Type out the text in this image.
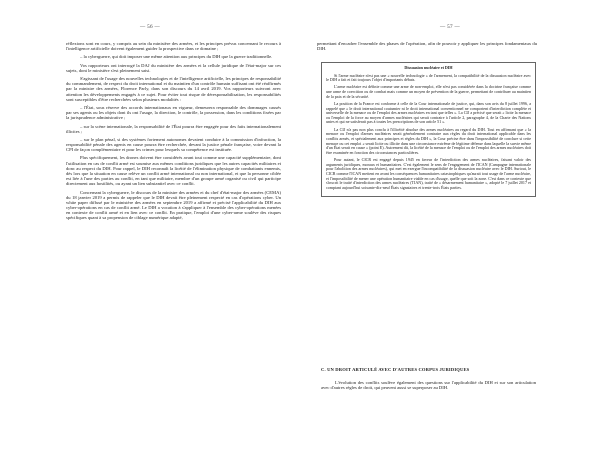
— 56 —

réflexions sont en cours, y compris au sein du ministère des armées, et les principes prévus concernant le recours à l'intelligence artificielle doivent également guider la prospective dans ce domaine ;

– la cyberguerre, qui doit imposer une même attention aux principes du DIH que la guerre traditionnelle.

Vos rapporteurs ont interrogé la DAJ du ministère des armées et la cellule juridique de l'état-major sur ces sujets, dont le ministère s'est pleinement saisi.

S'agissant de l'usage des nouvelles technologies et de l'intelligence artificielle, les principes de responsabilité du commandement, de respect du droit international et du maintien d'un contrôle humain suffisant ont été réaffirmés par la ministre des armées, Florence Parly, dans son discours du 14 avril 2019. Vos rapporteurs suivront avec attention les développements engagés à ce sujet. Pour éviter tout risque de déresponsabilisation, les responsabilités sont susceptibles d'être recherchées selon plusieurs modalités :

– l'État, sous réserve des accords internationaux en vigueur, demeurera responsable des dommages causés par ses agents ou les objets dont ils ont l'usage, la direction, le contrôle, la possession, dans les conditions fixées par la jurisprudence administrative ;

– sur la scène internationale, la responsabilité de l'État pourra être engagée pour des faits internationalement illicites ;

– sur le plan pénal, si des systèmes fortement autonomes devaient conduire à la commission d'infraction, la responsabilité pénale des agents en cause pourra être recherchée, devant la justice pénale française, voire devant la CPI de façon complémentaire et pour les crimes pour lesquels sa compétence est instituée.

Plus spécifiquement, les drones doivent être considérés avant tout comme une capacité supplémentaire, dont l'utilisation en cas de conflit armé est soumise aux mêmes conditions juridiques que les autres capacités militaires et donc au respect du DIH. Pour rappel, le DIH reconnaît la licéité de l'élimination physique de combattants ennemis, dès lors que la situation en cause relève un conflit armé international ou non international, et que la personne ciblée est liée à l'une des parties au conflit, en tant que militaire, membre d'un groupe armé organisé ou civil qui participe directement aux hostilités, ou ayant un lien substantiel avec ce conflit.

Concernant la cyberguerre, le discours de la ministre des armées et du chef d'état-major des armées (CEMA) du 18 janvier 2019 a permis de rappeler que le DIH devait être pleinement respecté en cas d'opérations cyber. Un white paper diffusé par le ministère des armées en septembre 2019 a affirmé et précisé l'applicabilité du DIH aux cyber-opérations en cas de conflit armé. Le DIH a vocation à s'appliquer à l'ensemble des cyber-opérations menées en contexte de conflit armé et en lien avec ce conflit. En pratique, l'emploi d'une cyber-arme soulève des risques spécifiques quant à sa propension de ciblage numérique adapté,

— 57 —

permettant d'encadrer l'ensemble des phases de l'opération, afin de pouvoir y appliquer les principes fondamentaux du DIH.

Dissuasion nucléaire et DIH

Si l'arme nucléaire n'est pas une « nouvelle technologie » de l'armement, la compatibilité de la dissuasion nucléaire avec le DIH a fait et fait toujours l'objet d'importants débats.

L'arme nucléaire est définie comme une arme de non-emploi, elle n'est pas considérée dans la doctrine française comme une arme de coercition ou de combat mais comme un moyen de prévention de la guerre, permettant de contribuer au maintien de la paix et de la sécurité.

La position de la France est conforme à celle de la Cour internationale de justice, qui, dans son avis du 8 juillet 1996, a rappelé que « le droit international coutumier ni le droit international conventionnel ne comportent d'interdiction complète et universelle de la menace ou de l'emploi des armes nucléaires en tant que telles ». La CIJ a précisé que serait « licite la menace ou l'emploi de la force au moyen d'armes nucléaires qui serait contraire à l'article 2, paragraphe 4, de la Charte des Nations unies et qui ne satisferait pas à toutes les prescriptions de son article 51 ».

La CIJ n'a pas non plus conclu à l'illicéité absolue des armes nucléaires au regard du DIH. Tout en affirmant que « la menace ou l'emploi d'armes nucléaires serait généralement contraire aux règles du droit international applicable dans les conflits armés, et spécialement aux principes et règles du DIH », la Cour précise être dans l'impossibilité de conclure si cette menace ou cet emploi « serait licite ou illicite dans une circonstance extrême de légitime défense dans laquelle la survie même d'un État serait en cause » (point E). Autrement dit, la licéité de la menace de l'emploi ou de l'emploi des armes nucléaires doit être examinée en fonction des circonstances particulières.

Pour autant, le CICR est engagé depuis 1945 en faveur de l'interdiction des armes nucléaires, faisant valoir des arguments juridiques, moraux et humanitaires. C'est également le sens de l'engagement de l'ICAN (Campagne internationale pour l'abolition des armes nucléaires), qui met en exergue l'incompatibilité de la dissuasion nucléaire avec le DIH. Surtout, le CICR comme l'ICAN mettent en avant les conséquences humanitaires catastrophiques qu'aurait tout usage de l'arme nucléaire, et l'impossibilité de mener une opération humanitaire viable en cas d'usage, quelle que soit la zone. C'est dans ce contexte que s'inscrit le traité d'interdiction des armes nucléaires (TIAN), traité de « désarmement humanitaire », adopté le 7 juillet 2017 et comptant aujourd'hui soixante-dix-neuf États signataires et trente-trois États parties.

C. UN DROIT ARTICULÉ AVEC D'AUTRES CORPUS JURIDIQUES

L'évolution des conflits soulève également des questions sur l'applicabilité du DIH et sur son articulation avec d'autres règles de droit, qui peuvent aussi se superposer au DIH.
